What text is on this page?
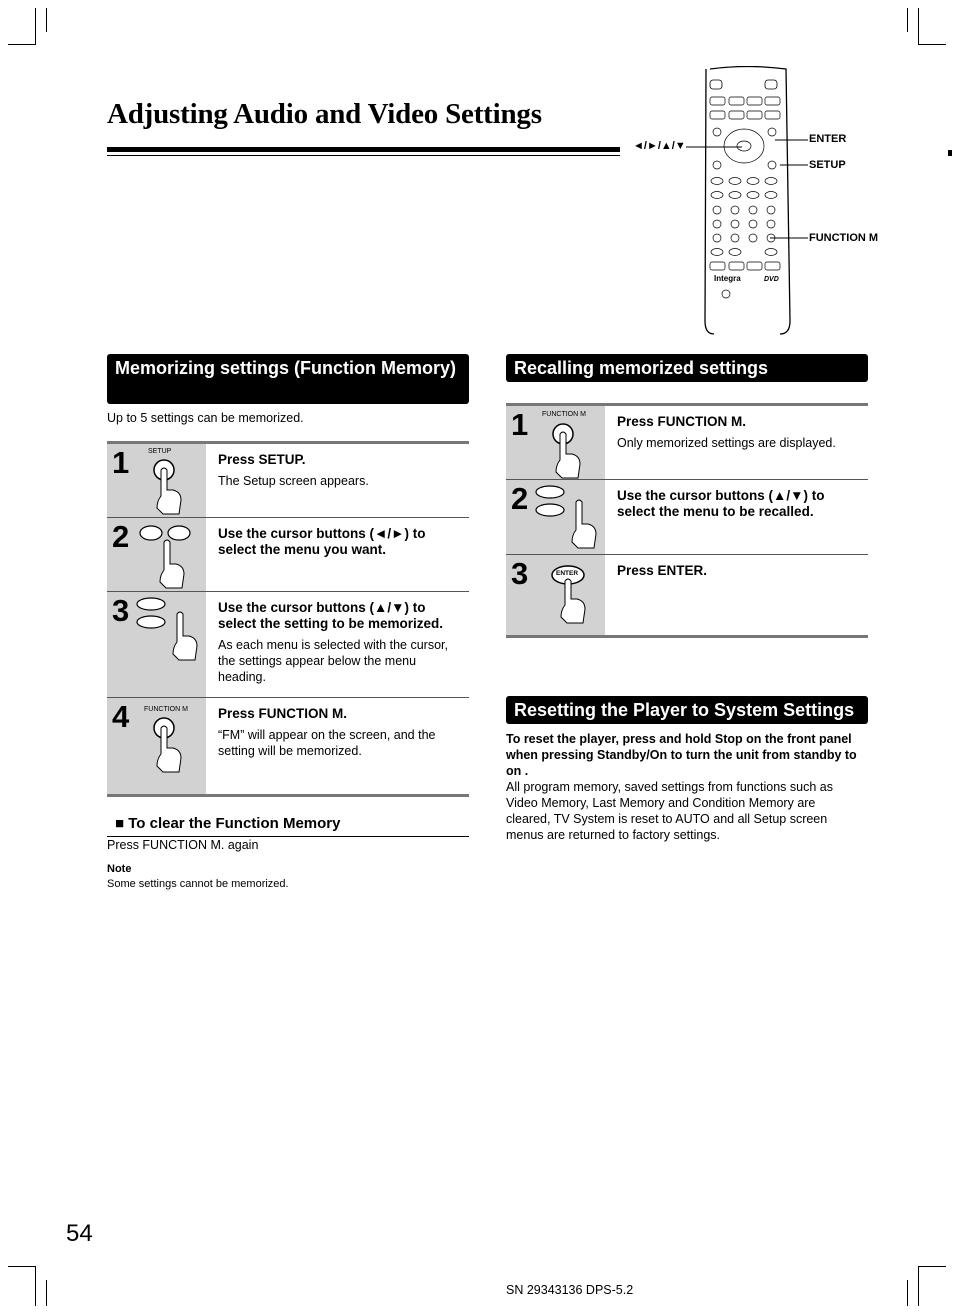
Adjusting Audio and Video Settings
Integra	DVD
◄/►/▲/▼
ENTER
SETUP
FUNCTION M
Memorizing settings (Function Memory)
Up to 5 settings can be memorized.
1	SETUP
Press SETUP.
The Setup screen appears.
2	Use the cursor buttons (◄/►) to select the menu you want.
3	Use the cursor buttons (▲/▼) to select the setting to be memorized.
As each menu is selected with the cursor, the settings appear below the menu heading.
4 FUNCTION M Press FUNCTION M.
“FM” will appear on the screen, and the setting will be memorized.
■ To clear the Function Memory
Press FUNCTION M. again
Note
Some settings cannot be memorized.
Recalling memorized settings
1 FUNCTION M Press FUNCTION M.
Only memorized settings are displayed.
2	Use the cursor buttons (▲/▼) to select the menu to be recalled.
3	ENTER	Press ENTER.
Resetting the Player to System Settings
To reset the player, press and hold Stop on the front panel when pressing Standby/On to turn the unit from standby to on .
All program memory, saved settings from functions such as Video Memory, Last Memory and Condition Memory are cleared, TV System is reset to AUTO and all Setup screen menus are returned to factory settings.
54
SN 29343136 DPS-5.2
